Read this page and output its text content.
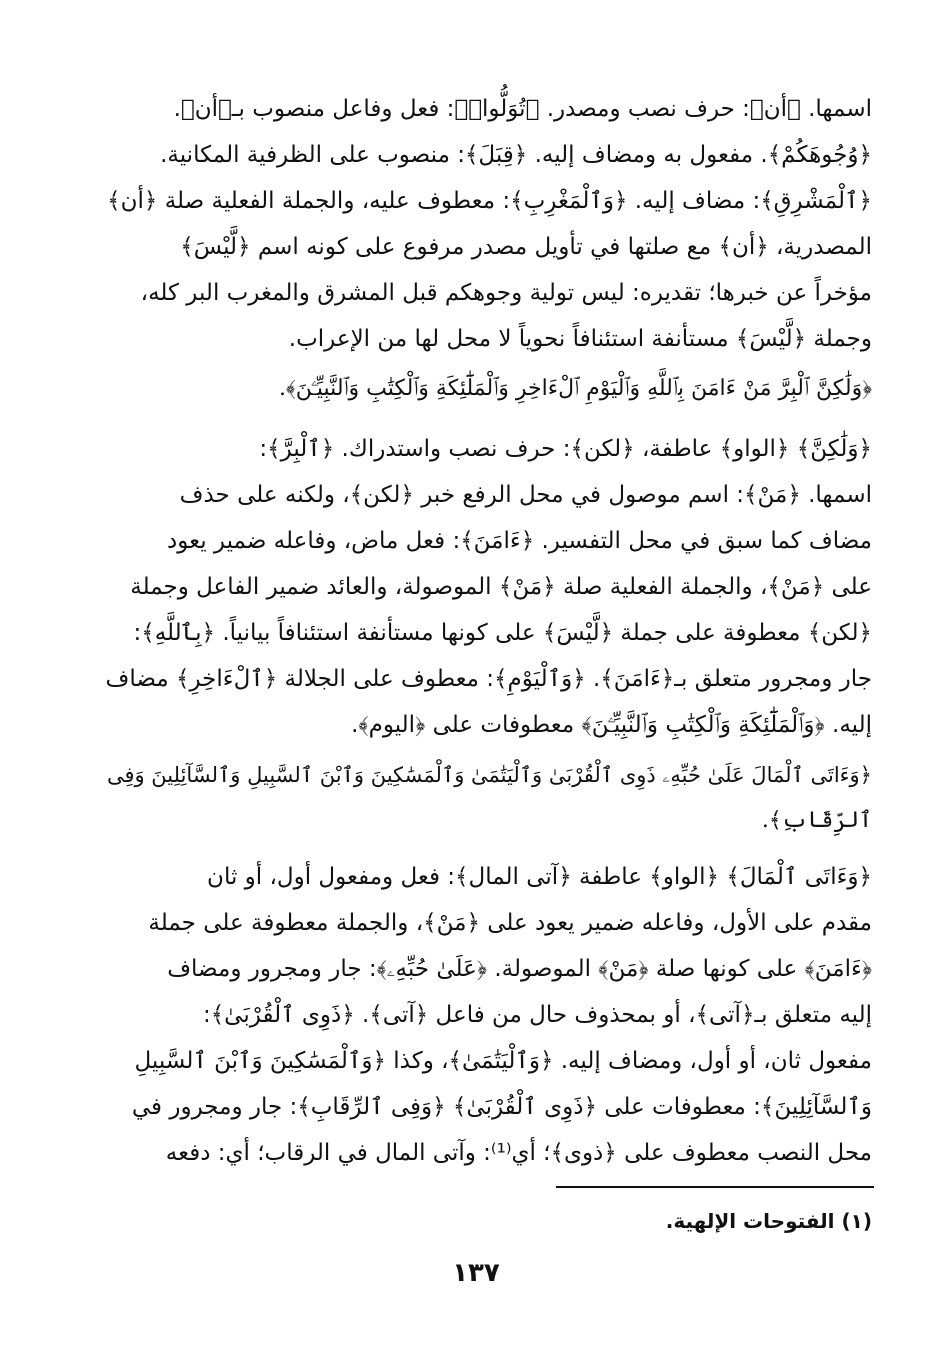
اسمها. ﴿أن﴾: حرف نصب ومصدر. ﴿تُوَلُّوا۟﴾: فعل وفاعل منصوب بـ﴿أن﴾.
﴿وُجُوهَكُمْ﴾. مفعول به ومضاف إليه. ﴿قِبَلَ﴾: منصوب على الظرفية المكانية.
﴿ٱلْمَشْرِقِ﴾: مضاف إليه. ﴿وَٱلْمَغْرِبِ﴾: معطوف عليه، والجملة الفعلية صلة ﴿أن﴾
المصدرية، ﴿أن﴾ مع صلتها في تأويل مصدر مرفوع على كونه اسم ﴿لَّيْسَ﴾
مؤخراً عن خبرها؛ تقديره: ليس تولية وجوهكم قبل المشرق والمغرب البر كله،
وجملة ﴿لَّيْسَ﴾ مستأنفة استئنافاً نحوياً لا محل لها من الإعراب.
﴿وَلَٰكِنَّ ٱلْبِرَّ مَنْ ءَامَنَ بِٱللَّهِ وَٱلْيَوْمِ ٱلْءَاخِرِ وَٱلْمَلَٰٓئِكَةِ وَٱلْكِتَٰبِ وَٱلنَّبِيِّـۧنَ﴾.
﴿وَلَٰكِنَّ﴾ ﴿الواو﴾ عاطفة، ﴿لكن﴾: حرف نصب واستدراك. ﴿ٱلْبِرَّ﴾:
اسمها. ﴿مَنْ﴾: اسم موصول في محل الرفع خبر ﴿لكن﴾، ولكنه على حذف
مضاف كما سبق في محل التفسير. ﴿ءَامَنَ﴾: فعل ماض، وفاعله ضمير يعود
على ﴿مَنْ﴾، والجملة الفعلية صلة ﴿مَنْ﴾ الموصولة، والعائد ضمير الفاعل وجملة
﴿لكن﴾ معطوفة على جملة ﴿لَّيْسَ﴾ على كونها مستأنفة استئنافاً بيانياً. ﴿بِٱللَّهِ﴾:
جار ومجرور متعلق بـ﴿ءَامَنَ﴾. ﴿وَٱلْيَوْمِ﴾: معطوف على الجلالة ﴿ٱلْءَاخِرِ﴾ مضاف
إليه. ﴿وَٱلْمَلَٰٓئِكَةِ وَٱلْكِتَٰبِ وَٱلنَّبِيِّـۧنَ﴾ معطوفات على ﴿اليوم﴾.
﴿وَءَاتَى ٱلْمَالَ عَلَىٰ حُبِّهِۦ ذَوِى ٱلْقُرْبَىٰ وَٱلْيَتَٰمَىٰ وَٱلْمَسَٰكِينَ وَٱبْنَ ٱلسَّبِيلِ وَٱلسَّآئِلِينَ وَفِى
ٱلرِّقَابِ﴾.
﴿وَءَاتَى ٱلْمَالَ﴾ ﴿الواو﴾ عاطفة ﴿آتى المال﴾: فعل ومفعول أول، أو ثان
مقدم على الأول، وفاعله ضمير يعود على ﴿مَنْ﴾، والجملة معطوفة على جملة
﴿ءَامَنَ﴾ على كونها صلة ﴿مَنْ﴾ الموصولة. ﴿عَلَىٰ حُبِّهِۦ﴾: جار ومجرور ومضاف
إليه متعلق بـ﴿آتى﴾، أو بمحذوف حال من فاعل ﴿آتى﴾. ﴿ذَوِى ٱلْقُرْبَىٰ﴾:
مفعول ثان، أو أول، ومضاف إليه. ﴿وَٱلْيَتَٰمَىٰ﴾، وكذا ﴿وَٱلْمَسَٰكِينَ وَٱبْنَ ٱلسَّبِيلِ
وَٱلسَّآئِلِينَ﴾: معطوفات على ﴿ذَوِى ٱلْقُرْبَىٰ﴾ ﴿وَفِى ٱلرِّقَابِ﴾: جار ومجرور في
محل النصب معطوف على ﴿ذوى﴾؛ أي⁽¹⁾: وآتى المال في الرقاب؛ أي: دفعه
(١) الفتوحات الإلهية.
١٣٧
